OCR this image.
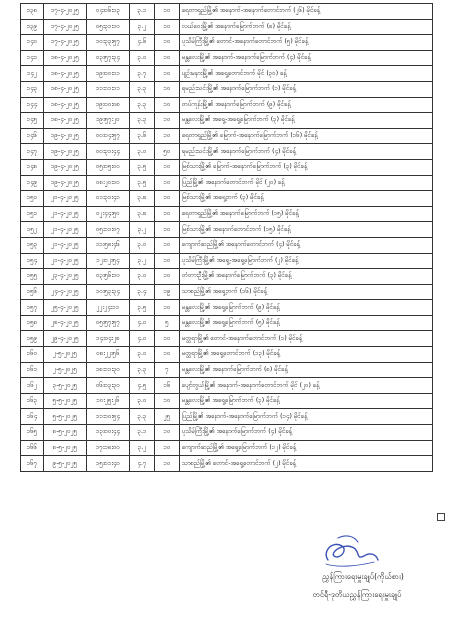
၁၃၈	၁၇-၄-၂၀၂၅	၀၄း၀၆း၁၃	၃.၁	၁၀	ရေတာရှည်မြို့၏ အနောက်-အနောက်တောင်ဘက် (၂၆) မိုင်ခန့်
၁၃၉	၁၇-၄-၂၀၂၅	၀၅း၃၁း၁၀	၃.၂	၁၀	လယ်ဝေးမြို့၏ အနောက်မြောက်ဘက် (၈) မိုင်ခန့်
၁၄၀	၁၇-၄-၂၀၂၅	၁၀း၃၃း၅၇	၄.၆	၁၀	ပုသိမ်ကြီးမြို့၏ တောင်-အနောက်တောင်ဘက် (၅) မိုင်ခန့်
၁၄၁	၁၈-၄-၂၀၂၅	၀၃း၅၇း၃၄	၃.၀	၁၀	မန္တလေးမြို့၏ အနောက်-အနောက်မြောက်ဘက် (၄) မိုင်ခန့်
၁၄၂	၁၈-၄-၂၀၂၅	၁၉း၀၀း၁၁	၃.၇	၁၀	ပျဉ်းမနားမြို့၏ အရှေ့တောင်ဘက် မိုင် (၃၀) ခန့်
၁၄၃	၁၈-၄-၂၀၂၅	၁၁း၁၁း၁၁	၃.၃	၁၀	ရမည်းသင်းမြို့၏ အနောက်မြောက်ဘက် (၁) မိုင်ခန့်
၁၄၄	၁၈-၄-၂၀၂၅	၁၉း၀၀း၀၈	၃.၃	၁၀	တပ်ကုန်းမြို့၏ အနောက်မြောက်ဘက် (၉) မိုင်ခန့်
၁၄၅	၁၈-၄-၂၀၂၅	၁၉း၅၇း၂၀	၃.၃	၁၀	မန္တလေးမြို့၏ အရှေ့-အရှေ့မြောက်ဘက် (၃) မိုင်ခန့်
၁၄၆	၁၉-၄-၂၀၂၅	၀၀း၀၄း၅၇	၃.၆	၁၀	ရေတာရှည်မြို့၏ မြောက်-အနောက်မြောက်ဘက် (၁၆) မိုင်ခန့်
၁၄၇	၁၉-၄-၂၀၂၅	၀၀း၃၁း၄၄	၃.၀	၅၀	ရမည်းသင်းမြို့၏ အနောက်မြောက်ဘက် (၄) မိုင်ခန့်
၁၄၈	၁၉-၄-၂၀၂၅	၀၅း၀၅း၀၀	၃.၅	၁၀	မြစ်သားမြို့၏ မြောက်-အနောက်မြောက်ဘက် (၃) မိုင်ခန့်
၁၄၉	၁၉-၄-၂၀၂၅	၀၈း၂၀း၁၀	၃.၅	၁၀	ပြည်မြို့၏ အနောက်တောင်ဘက် မိုင် (၂၀) ခန့်
၁၅၀	၂၀-၄-၂၀၂၅	၀၁း၃၁း၄၁	၃.၈	၁၀	မြစ်သားမြို့၏ အရှေ့ဘက် (၃) မိုင်ခန့်
၁၅၁	၂၁-၄-၂၀၂၅	၀၂း၄၄း၅၀	၃.၈	၁၀	ရေတာရှည်မြို့၏ အနောက်မြောက်ဘက် (၁၅) မိုင်ခန့်
၁၅၂	၂၁-၄-၂၀၂၅	၀၅း၁၁း၀၇	၃.၂	၁၀	မြစ်သားမြို့၏ အနောက်တောင်ဘက် (၁၅) မိုင်ခန့်
၁၅၃	၂၁-၄-၂၀၂၅	၁၁း၅၈း၄၆	၃.၀	၁၀	ကျောက်ဆည်မြို့၏ အနောက်တောင်ဘက် (၄) မိုင်ခန့်
၁၅၄	၂၁-၄-၂၀၂၅	၁၂း၀၂း၅၄	၃.၂	၁၀	ပုသိမ်ကြီးမြို့၏ အရှေ့-အရှေ့မြောက်ဘက် (၂) မိုင်ခန့်
၁၅၅	၂၃-၄-၂၀၂၅	၀၃း၅၆း၁၀	၃.၀	၁၀	တံတားဦးမြို့၏ အနောက်မြောက်ဘက် (၃) မိုင်ခန့်
၁၅၆	၂၄-၄-၂၀၂၅	၁၀း၅၃း၃၄	၃.၄	၁၉	သာစည်မြို့၏ အရှေ့ဘက် (၁၆) မိုင်ခန့်
၁၅၇	၂၅-၄-၂၀၂၅	၂၂း၂၄း၁၁	၃.၅	၁၀	မန္တလေးမြို့၏ အရှေ့မြောက်ဘက် (၉) မိုင်ခန့်
၁၅၈	၂၈-၄-၂၀၂၅	၀၅း၅၇း၅၇	၄.၀	၅	မန္တလေးမြို့၏ အရှေ့မြောက်ဘက် (၅) မိုင်ခန့်
၁၅၉	၂၉-၄-၂၀၂၅	၁၄း၀၄း၂၈	၄.၀	၁၀	မတ္တရာမြို့၏ တောင်-အနောက်တောင်ဘက် (၁) မိုင်ခန့်
၁၆၀	၂-၅-၂၀၂၅	၀၈း၂၂း၅၆	၃.၀	၁၀	မတ္တရာမြို့၏ အရှေ့တောင်ဘက် (၁၃) မိုင်ခန့်
၁၆၁	၂-၅-၂၀၂၅	၁၈း၁၁း၃၀	၃.၃	၇	မန္တလေးမြို့၏ အနောက်မြောက်ဘက် (၈) မိုင်ခန့်
၁၆၂	၃-၅-၂၀၂၅	၀၆း၀၃း၃၀	၄.၅	၁၆	ပျော်ဘွယ်မြို့၏ အနောက်-အနောက်တောင်ဘက် မိုင် (၂၀) ခန့်
၁၆၃	၅-၅-၂၀၂၅	၁၀း၂၅း၂၆	၃.၀	၁၀	မန္တလေးမြို့၏ အရှေ့မြောက်ဘက် (၃) မိုင်ခန့်
၁၆၄	၅-၅-၂၀၂၅	၁၁း၁၀း၅၄	၃.၃	၂၅	ပြည်မြို့၏ အနောက်-အနောက်မြောက်ဘက် (၁၄) မိုင်ခန့်
၁၆၅	၈-၅-၂၀၂၅	၁၃း၀၀း၄၄	၃.၁	၁၀	ပုသိမ်ကြီးမြို့၏ အနောက်မြောက်ဘက် (၄) မိုင်ခန့်
၁၆၆	၈-၅-၂၀၂၅	၁၇း၁၈း၀၀	၃.၂	၁၀	ကျောက်ဆည်မြို့၏ အရှေ့မြောက်ဘက် (၁၂) မိုင်ခန့်
၁၆၇	၉-၅-၂၀၂၅	၁၅း၀၁း၄၀	၄.၇	၁၀	သာစည်မြို့၏ တောင်-အရှေ့တောင်ဘက် (၂) မိုင်ခန့်
ညွှန်ကြားရေးမှူးချုပ်(ကိုယ်စား)
တင်ရီ-ဒုတိယညွှန်ကြားရေးမှူးချုပ်
